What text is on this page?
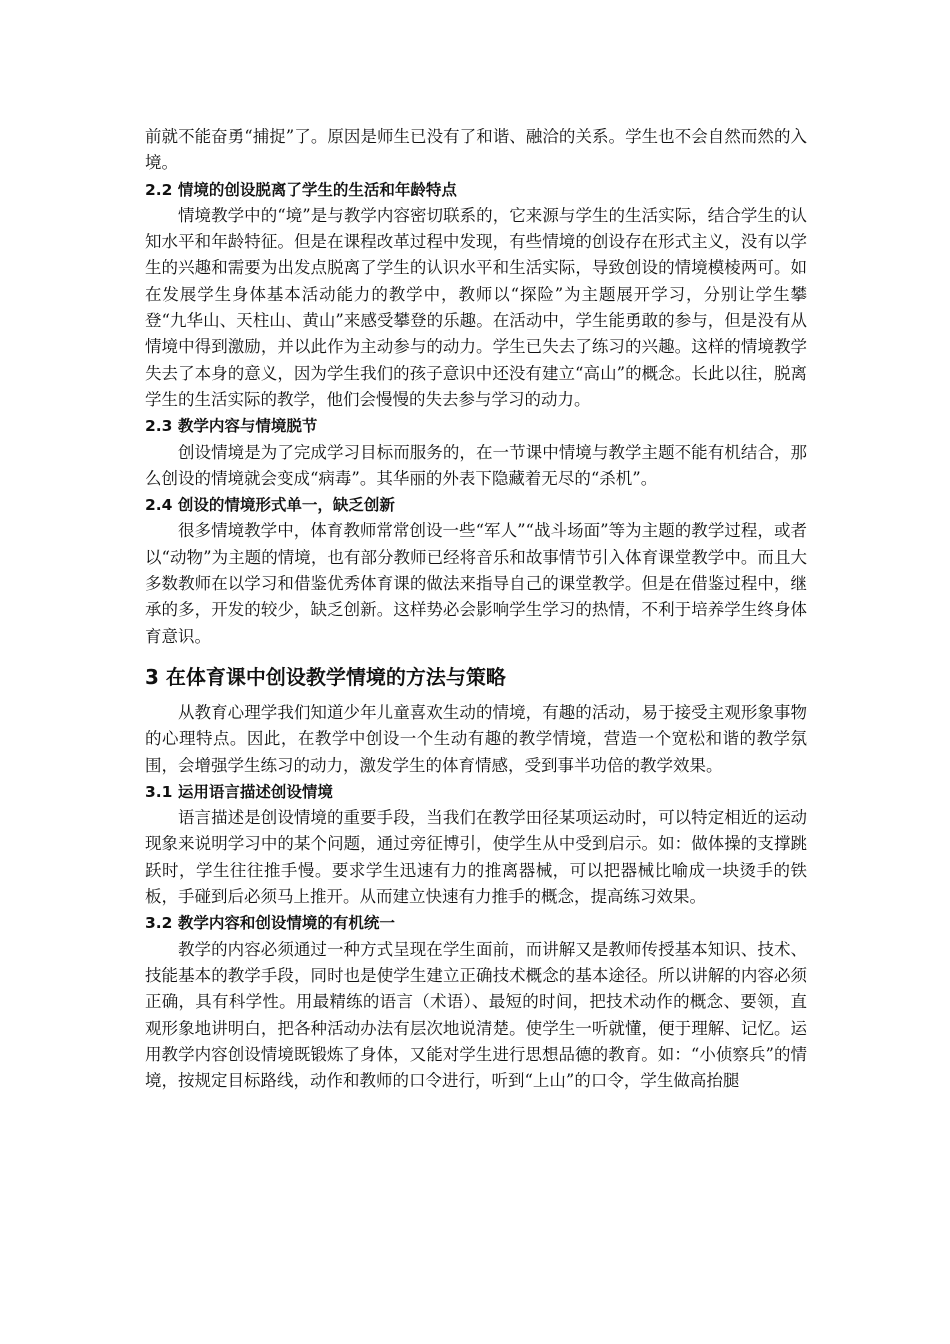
前就不能奋勇“捕捉”了。原因是师生已没有了和谐、融洽的关系。学生也不会自然而然的入境。

2.2 情境的创设脱离了学生的生活和年龄特点

情境教学中的“境”是与教学内容密切联系的，它来源与学生的生活实际，结合学生的认知水平和年龄特征。但是在课程改革过程中发现，有些情境的创设存在形式主义，没有以学生的兴趣和需要为出发点脱离了学生的认识水平和生活实际，导致创设的情境模棱两可。如在发展学生身体基本活动能力的教学中，教师以“探险”为主题展开学习，分别让学生攀登“九华山、天柱山、黄山”来感受攀登的乐趣。在活动中，学生能勇敢的参与，但是没有从情境中得到激励，并以此作为主动参与的动力。学生已失去了练习的兴趣。这样的情境教学失去了本身的意义，因为学生我们的孩子意识中还没有建立“高山”的概念。长此以往，脱离学生的生活实际的教学，他们会慢慢的失去参与学习的动力。

2.3 教学内容与情境脱节

创设情境是为了完成学习目标而服务的，在一节课中情境与教学主题不能有机结合，那么创设的情境就会变成“病毒”。其华丽的外表下隐藏着无尽的“杀机”。

2.4 创设的情境形式单一，缺乏创新

很多情境教学中，体育教师常常创设一些“军人”“战斗场面”等为主题的教学过程，或者以“动物”为主题的情境，也有部分教师已经将音乐和故事情节引入体育课堂教学中。而且大多数教师在以学习和借鉴优秀体育课的做法来指导自己的课堂教学。但是在借鉴过程中，继承的多，开发的较少，缺乏创新。这样势必会影响学生学习的热情，不利于培养学生终身体育意识。

3 在体育课中创设教学情境的方法与策略

从教育心理学我们知道少年儿童喜欢生动的情境，有趣的活动，易于接受主观形象事物的心理特点。因此，在教学中创设一个生动有趣的教学情境，营造一个宽松和谐的教学氛围，会增强学生练习的动力，激发学生的体育情感，受到事半功倍的教学效果。

3.1 运用语言描述创设情境

语言描述是创设情境的重要手段，当我们在教学田径某项运动时，可以特定相近的运动现象来说明学习中的某个问题，通过旁征博引，使学生从中受到启示。如：做体操的支撑跳跃时，学生往往推手慢。要求学生迅速有力的推离器械，可以把器械比喻成一块烫手的铁板，手碰到后必须马上推开。从而建立快速有力推手的概念，提高练习效果。

3.2 教学内容和创设情境的有机统一

教学的内容必须通过一种方式呈现在学生面前，而讲解又是教师传授基本知识、技术、技能基本的教学手段，同时也是使学生建立正确技术概念的基本途径。所以讲解的内容必须正确，具有科学性。用最精练的语言（术语）、最短的时间，把技术动作的概念、要领，直观形象地讲明白，把各种活动办法有层次地说清楚。使学生一听就懂，便于理解、记忆。运用教学内容创设情境既锻炼了身体，又能对学生进行思想品德的教育。如：“小侦察兵”的情境，按规定目标路线，动作和教师的口令进行，听到“上山”的口令，学生做高抬腿
